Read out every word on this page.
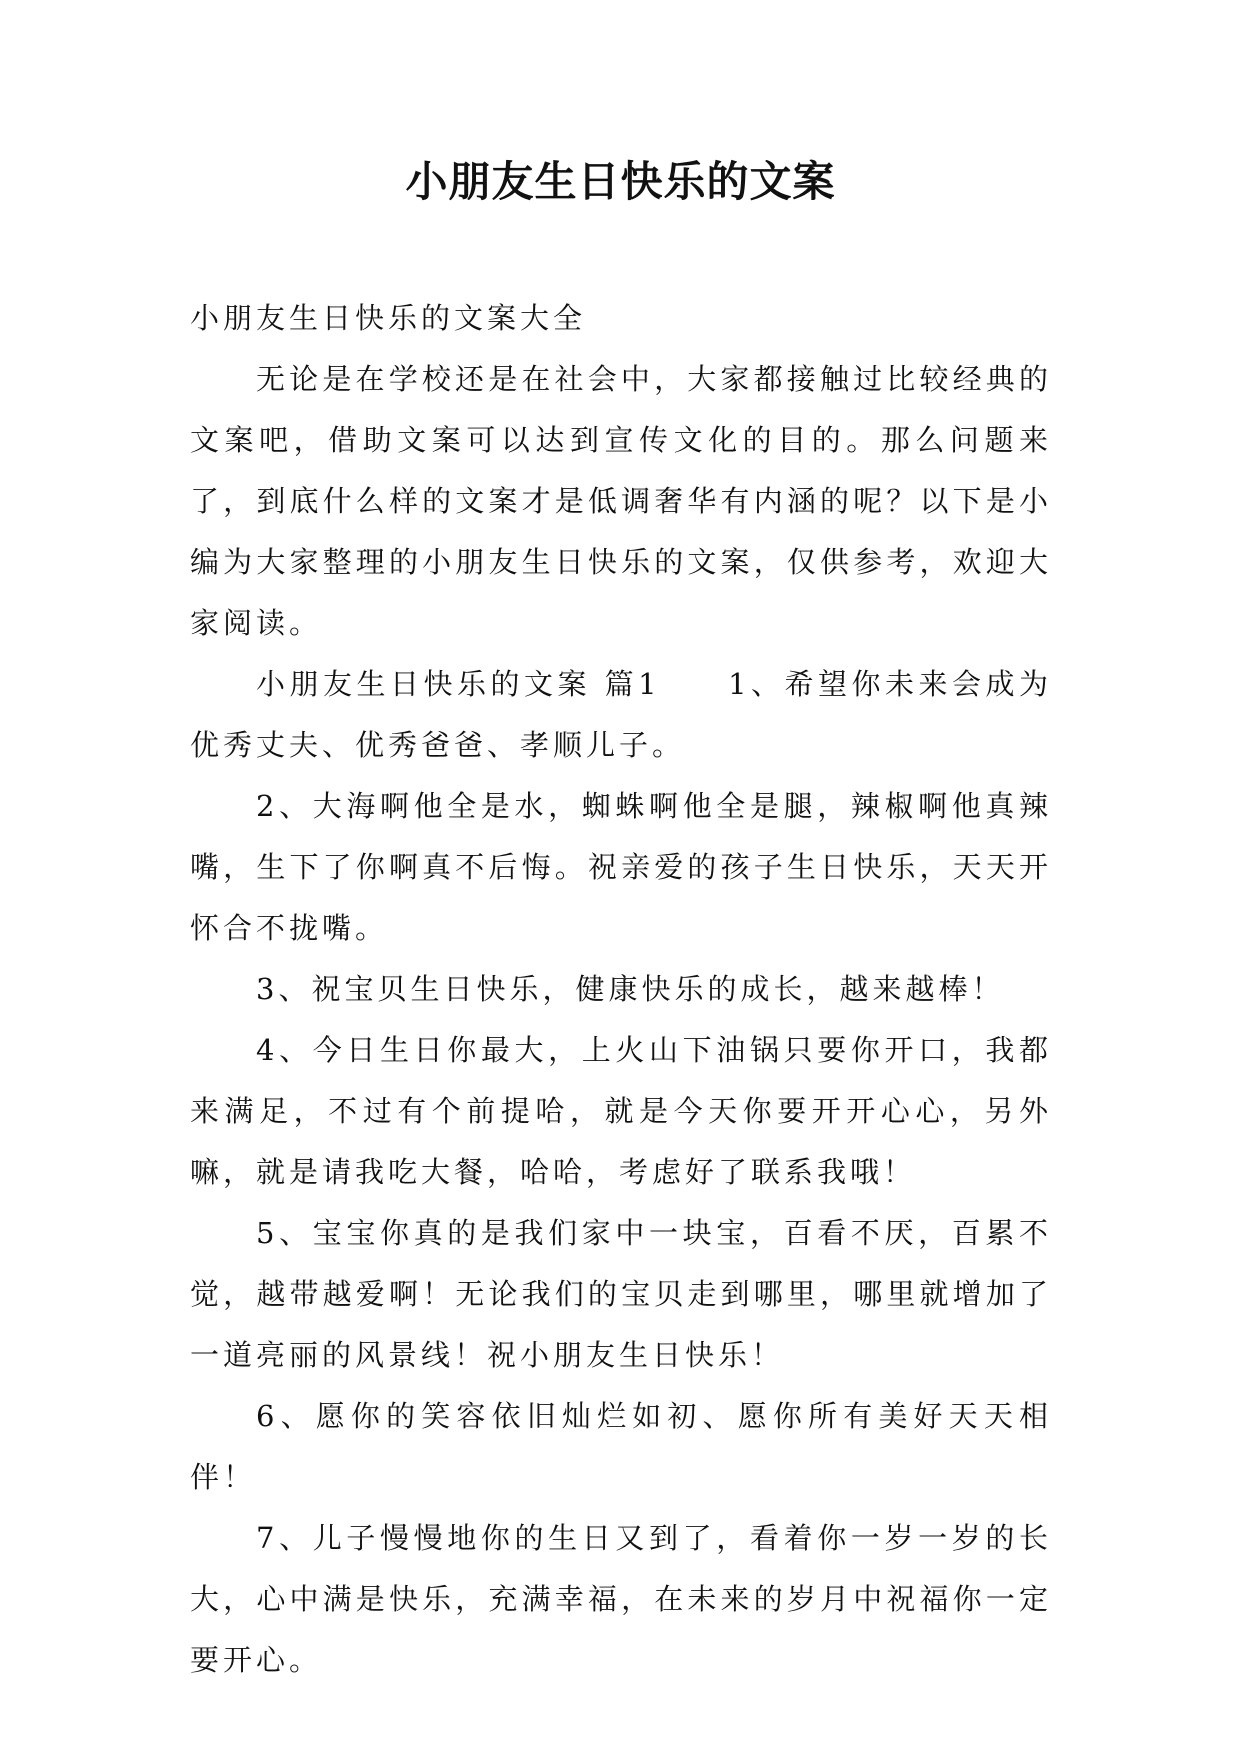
小朋友生日快乐的文案

小朋友生日快乐的文案大全

无论是在学校还是在社会中，大家都接触过比较经典的文案吧，借助文案可以达到宣传文化的目的。那么问题来了，到底什么样的文案才是低调奢华有内涵的呢？以下是小编为大家整理的小朋友生日快乐的文案，仅供参考，欢迎大家阅读。

小朋友生日快乐的文案 篇1　　1、希望你未来会成为优秀丈夫、优秀爸爸、孝顺儿子。

2、大海啊他全是水，蜘蛛啊他全是腿，辣椒啊他真辣嘴，生下了你啊真不后悔。祝亲爱的孩子生日快乐，天天开怀合不拢嘴。

3、祝宝贝生日快乐，健康快乐的成长，越来越棒！

4、今日生日你最大，上火山下油锅只要你开口，我都来满足，不过有个前提哈，就是今天你要开开心心，另外嘛，就是请我吃大餐，哈哈，考虑好了联系我哦！

5、宝宝你真的是我们家中一块宝，百看不厌，百累不觉，越带越爱啊！无论我们的宝贝走到哪里，哪里就增加了一道亮丽的风景线！祝小朋友生日快乐！

6、愿你的笑容依旧灿烂如初、愿你所有美好天天相伴！

7、儿子慢慢地你的生日又到了，看着你一岁一岁的长大，心中满是快乐，充满幸福，在未来的岁月中祝福你一定要开心。
